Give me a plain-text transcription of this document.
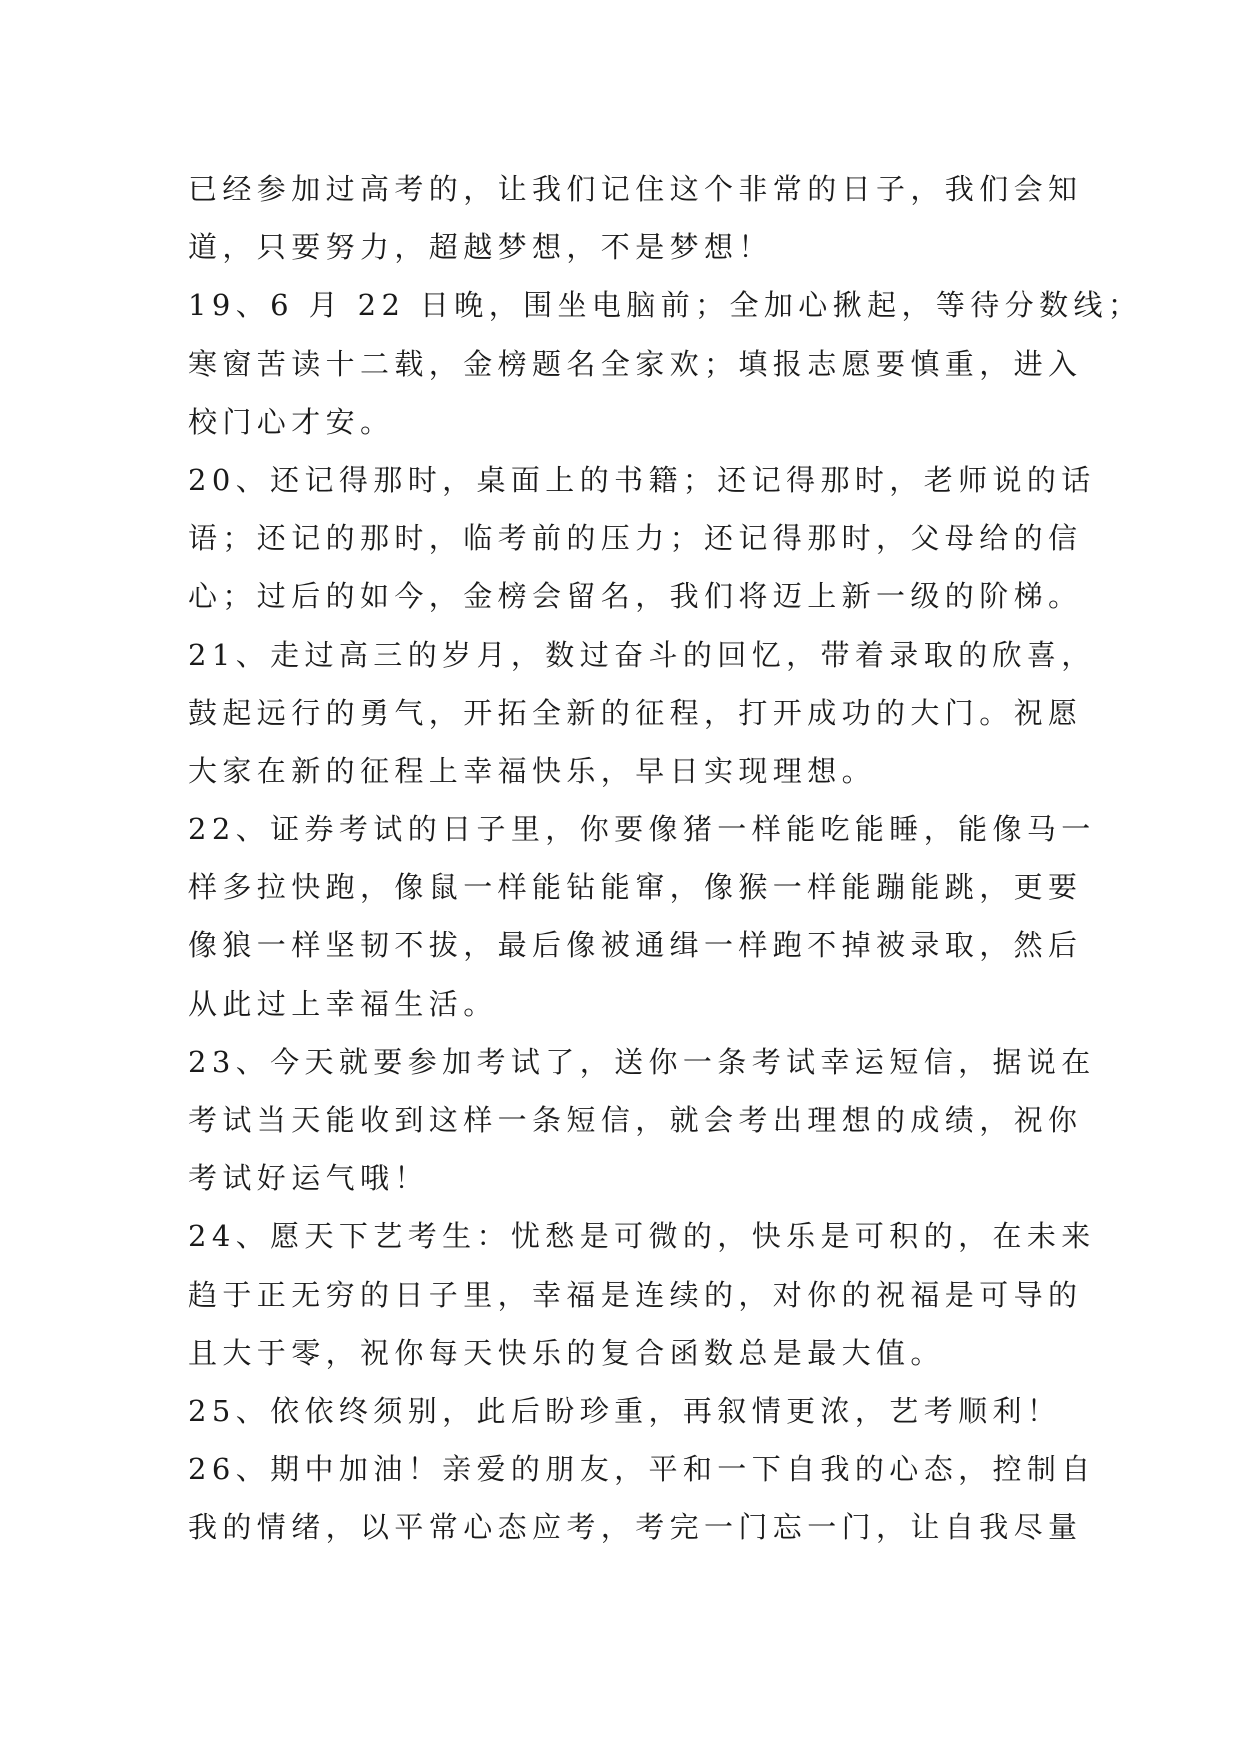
已经参加过高考的，让我们记住这个非常的日子，我们会知
道，只要努力，超越梦想，不是梦想！
19、6 月 22 日晚，围坐电脑前；全加心揪起，等待分数线；
寒窗苦读十二载，金榜题名全家欢；填报志愿要慎重，进入
校门心才安。
20、还记得那时，桌面上的书籍；还记得那时，老师说的话
语；还记的那时，临考前的压力；还记得那时，父母给的信
心；过后的如今，金榜会留名，我们将迈上新一级的阶梯。
21、走过高三的岁月，数过奋斗的回忆，带着录取的欣喜，
鼓起远行的勇气，开拓全新的征程，打开成功的大门。祝愿
大家在新的征程上幸福快乐，早日实现理想。
22、证券考试的日子里，你要像猪一样能吃能睡，能像马一
样多拉快跑，像鼠一样能钻能窜，像猴一样能蹦能跳，更要
像狼一样坚韧不拔，最后像被通缉一样跑不掉被录取，然后
从此过上幸福生活。
23、今天就要参加考试了，送你一条考试幸运短信，据说在
考试当天能收到这样一条短信，就会考出理想的成绩，祝你
考试好运气哦！
24、愿天下艺考生：忧愁是可微的，快乐是可积的，在未来
趋于正无穷的日子里，幸福是连续的，对你的祝福是可导的
且大于零，祝你每天快乐的复合函数总是最大值。
25、依依终须别，此后盼珍重，再叙情更浓，艺考顺利！
26、期中加油！亲爱的朋友，平和一下自我的心态，控制自
我的情绪，以平常心态应考，考完一门忘一门，让自我尽量
